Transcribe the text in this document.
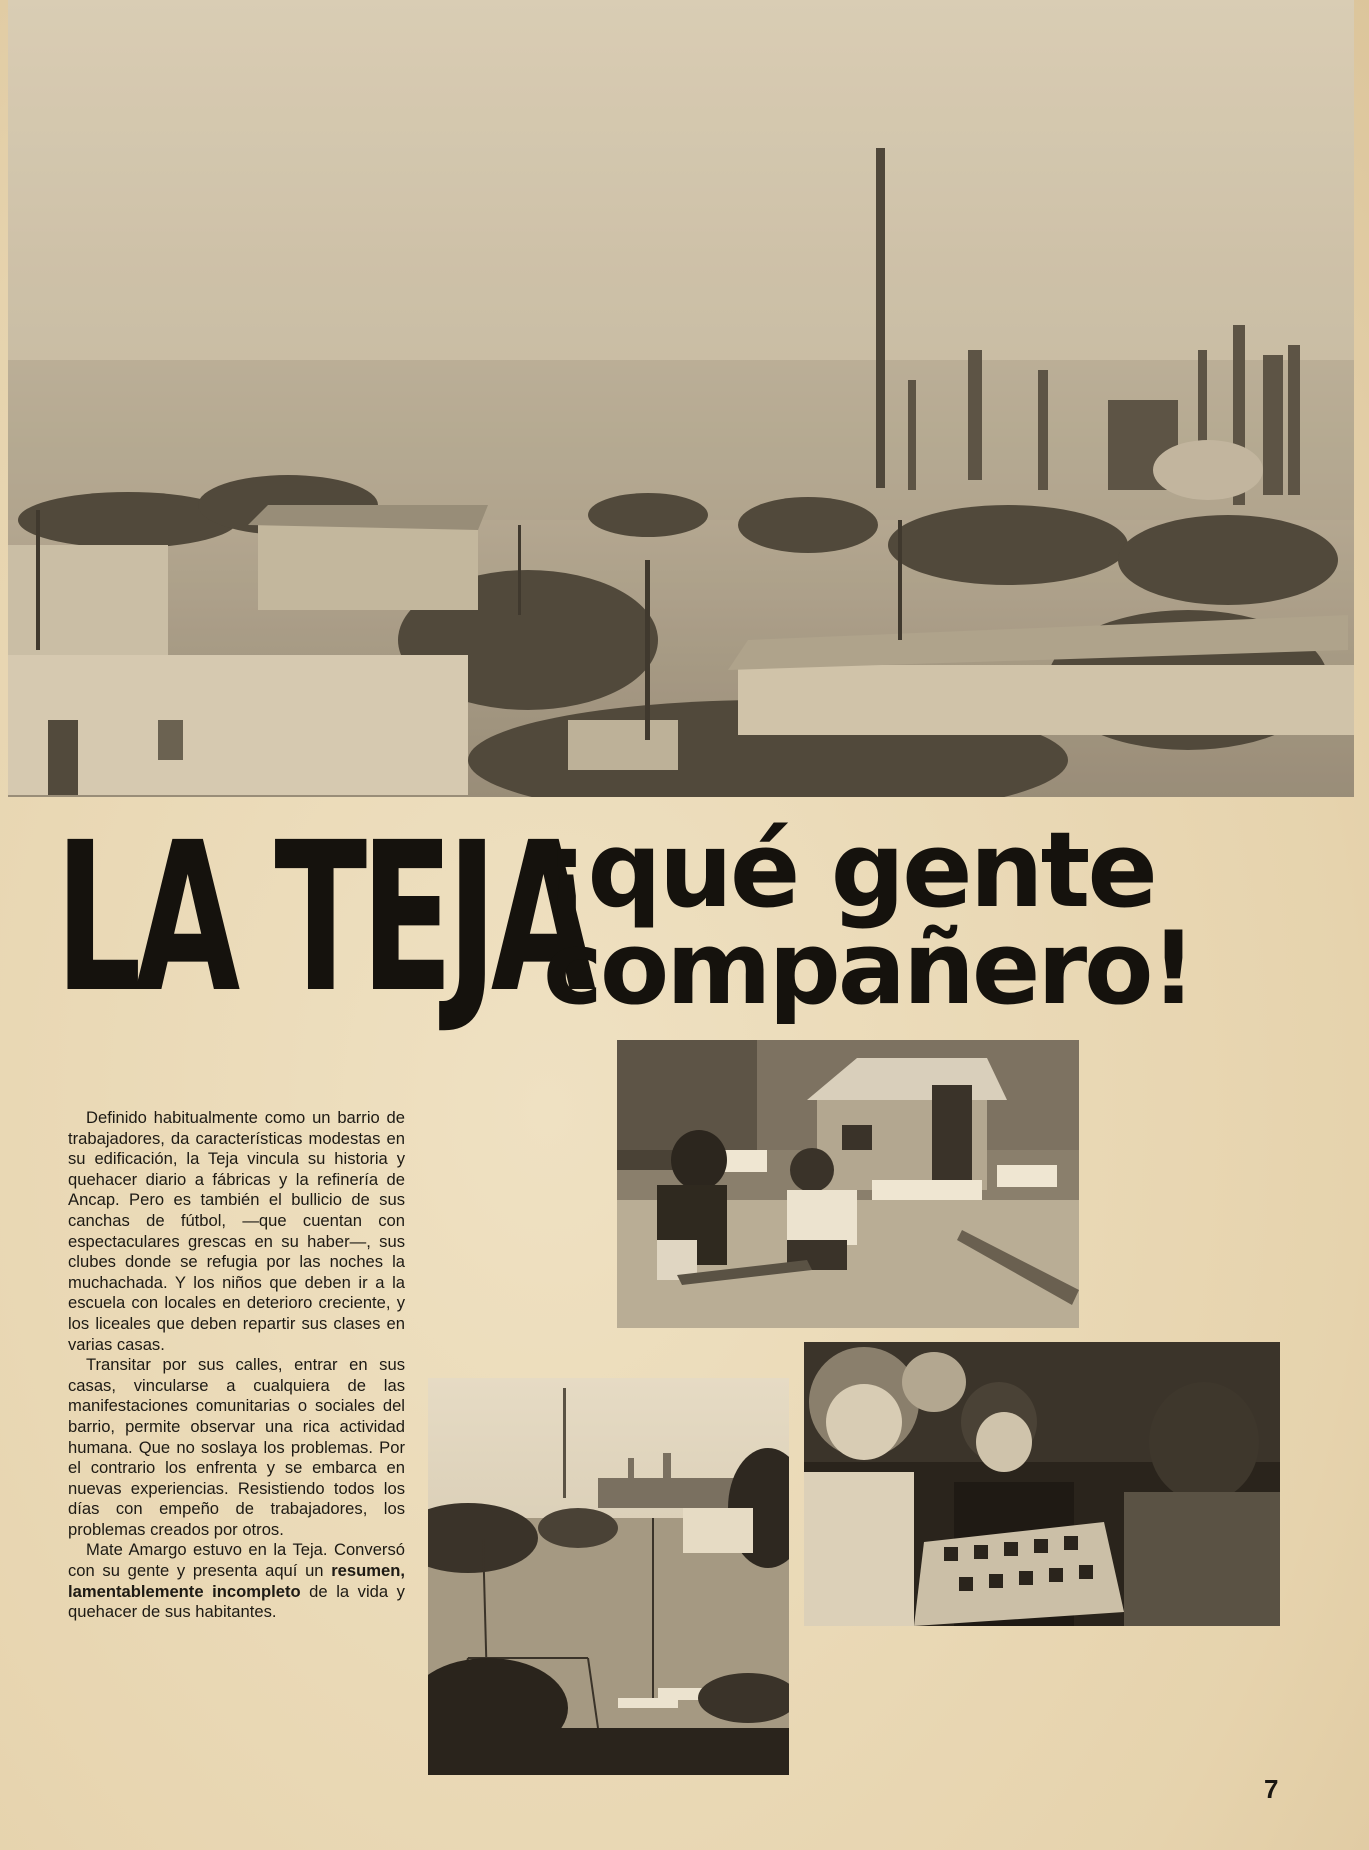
LA TEJA
¡qué gente
compañero!

Definido habitualmente como un barrio de trabajadores, da características modestas en su edificación, la Teja vincula su historia y quehacer diario a fábricas y la refinería de Ancap. Pero es también el bullicio de sus canchas de fútbol, —que cuentan con espectaculares grescas en su haber—, sus clubes donde se refugia por las noches la muchachada. Y los niños que deben ir a la escuela con locales en deterioro creciente, y los liceales que deben repartir sus clases en varias casas.

Transitar por sus calles, entrar en sus casas, vincularse a cualquiera de las manifestaciones comunitarias o sociales del barrio, permite observar una rica actividad humana. Que no soslaya los problemas. Por el contrario los enfrenta y se embarca en nuevas experiencias. Resistiendo todos los días con empeño de trabajadores, los problemas creados por otros.

Mate Amargo estuvo en la Teja. Conversó con su gente y presenta aquí un resumen, lamentablemente incompleto de la vida y quehacer de sus habitantes.

7
